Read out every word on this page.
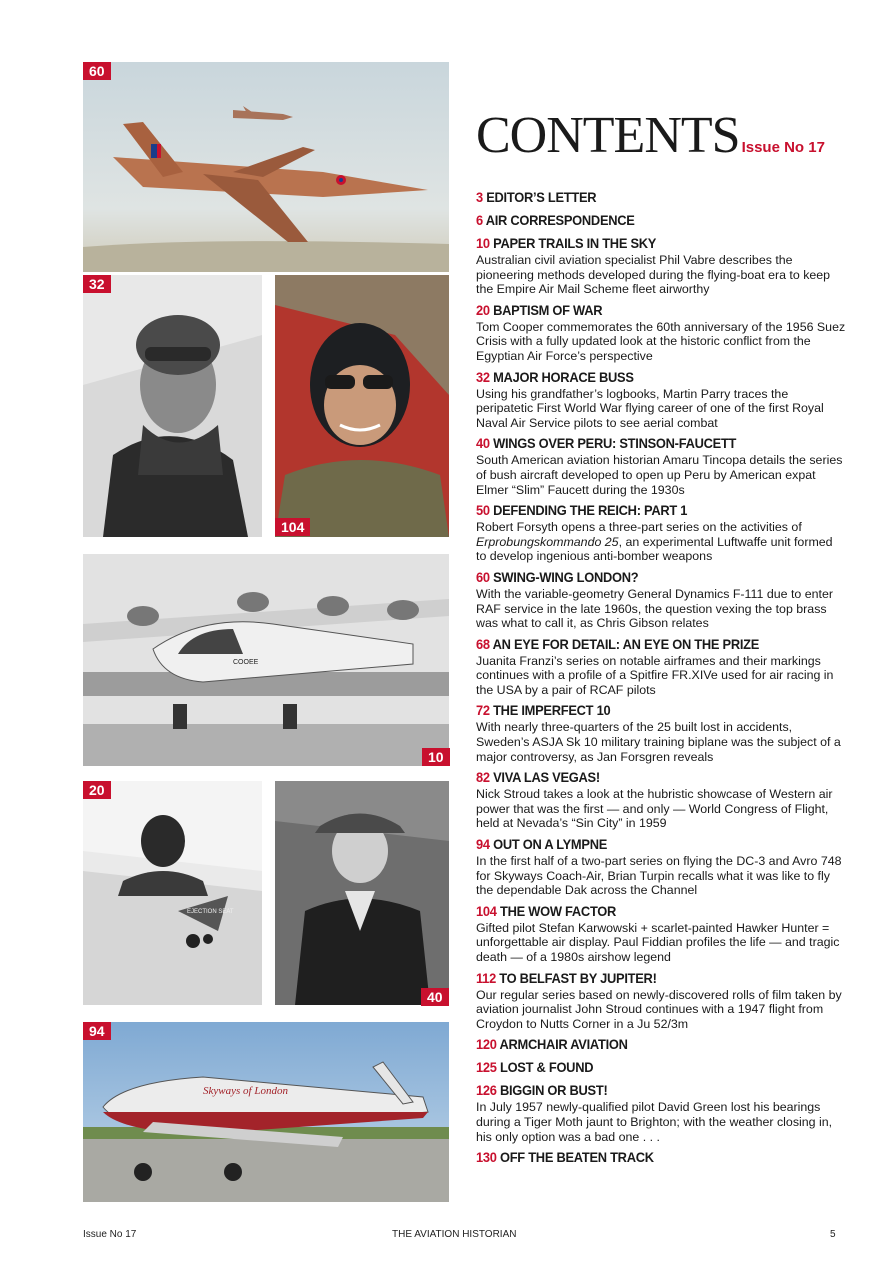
60
32
104
COOEE
10
EJECTION SEAT
20
40
Skyways of London
94
CONTENTS Issue No 17
3 EDITOR’S LETTER
6 AIR CORRESPONDENCE
10 PAPER TRAILS IN THE SKY
Australian civil aviation specialist Phil Vabre describes the pioneering methods developed during the flying-boat era to keep the Empire Air Mail Scheme fleet airworthy
20 BAPTISM OF WAR
Tom Cooper commemorates the 60th anniversary of the 1956 Suez Crisis with a fully updated look at the historic conflict from the Egyptian Air Force’s perspective
32 MAJOR HORACE BUSS
Using his grandfather’s logbooks, Martin Parry traces the peripatetic First World War flying career of one of the first Royal Naval Air Service pilots to see aerial combat
40 WINGS OVER PERU: STINSON-FAUCETT
South American aviation historian Amaru Tincopa details the series of bush aircraft developed to open up Peru by American expat Elmer “Slim” Faucett during the 1930s
50 DEFENDING THE REICH: PART 1
Robert Forsyth opens a three-part series on the activities of Erprobungskommando 25, an experimental Luftwaffe unit formed to develop ingenious anti-bomber weapons
60 SWING-WING LONDON?
With the variable-geometry General Dynamics F-111 due to enter RAF service in the late 1960s, the question vexing the top brass was what to call it, as Chris Gibson relates
68 AN EYE FOR DETAIL: AN EYE ON THE PRIZE
Juanita Franzi’s series on notable airframes and their markings continues with a profile of a Spitfire FR.XIVe used for air racing in the USA by a pair of RCAF pilots
72 THE IMPERFECT 10
With nearly three-quarters of the 25 built lost in accidents, Sweden’s ASJA Sk 10 military training biplane was the subject of a major controversy, as Jan Forsgren reveals
82 VIVA LAS VEGAS!
Nick Stroud takes a look at the hubristic showcase of Western air power that was the first — and only — World Congress of Flight, held at Nevada’s “Sin City” in 1959
94 OUT ON A LYMPNE
In the first half of a two-part series on flying the DC-3 and Avro 748 for Skyways Coach-Air, Brian Turpin recalls what it was like to fly the dependable Dak across the Channel
104 THE WOW FACTOR
Gifted pilot Stefan Karwowski + scarlet-painted Hawker Hunter = unforgettable air display. Paul Fiddian profiles the life — and tragic death — of a 1980s airshow legend
112 TO BELFAST BY JUPITER!
Our regular series based on newly-discovered rolls of film taken by aviation journalist John Stroud continues with a 1947 flight from Croydon to Nutts Corner in a Ju 52/3m
120 ARMCHAIR AVIATION
125 LOST & FOUND
126 BIGGIN OR BUST!
In July 1957 newly-qualified pilot David Green lost his bearings during a Tiger Moth jaunt to Brighton; with the weather closing in, his only option was a bad one . . .
130 OFF THE BEATEN TRACK
Issue No 17	THE AVIATION HISTORIAN	5
